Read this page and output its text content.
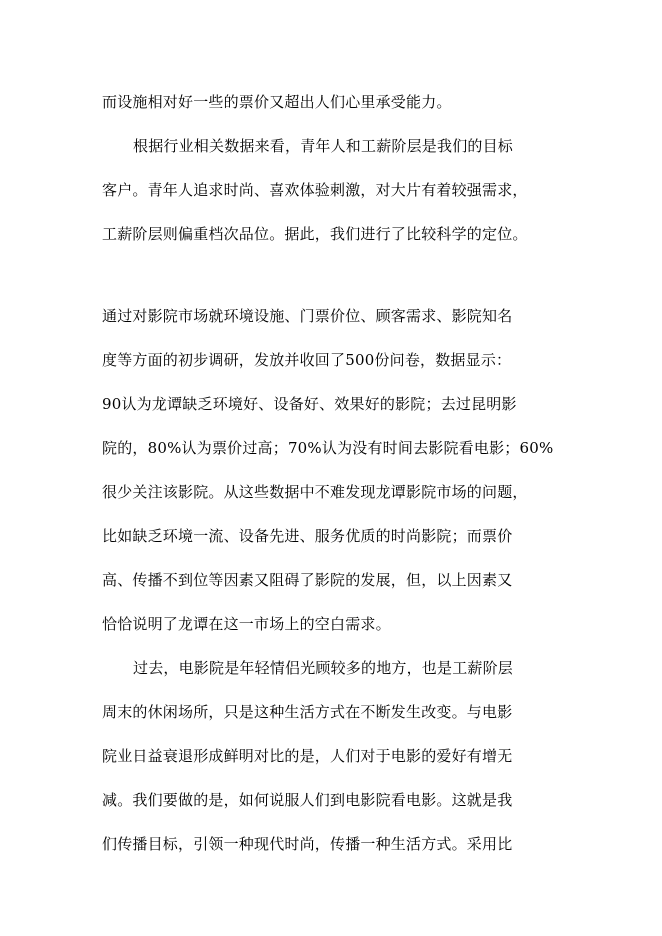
而设施相对好一些的票价又超出人们心里承受能力。
根据行业相关数据来看，青年人和工薪阶层是我们的目标
客户。青年人追求时尚、喜欢体验刺激，对大片有着较强需求，
工薪阶层则偏重档次品位。据此，我们进行了比较科学的定位。
通过对影院市场就环境设施、门票价位、顾客需求、影院知名
度等方面的初步调研，发放并收回了500份问卷，数据显示：
90认为龙谭缺乏环境好、设备好、效果好的影院；去过昆明影
院的，80%认为票价过高；70%认为没有时间去影院看电影；60%
很少关注该影院。从这些数据中不难发现龙谭影院市场的问题，
比如缺乏环境一流、设备先进、服务优质的时尚影院；而票价
高、传播不到位等因素又阻碍了影院的发展，但，以上因素又
恰恰说明了龙谭在这一市场上的空白需求。
过去，电影院是年轻情侣光顾较多的地方，也是工薪阶层
周末的休闲场所，只是这种生活方式在不断发生改变。与电影
院业日益衰退形成鲜明对比的是，人们对于电影的爱好有增无
减。我们要做的是，如何说服人们到电影院看电影。这就是我
们传播目标，引领一种现代时尚，传播一种生活方式。采用比
